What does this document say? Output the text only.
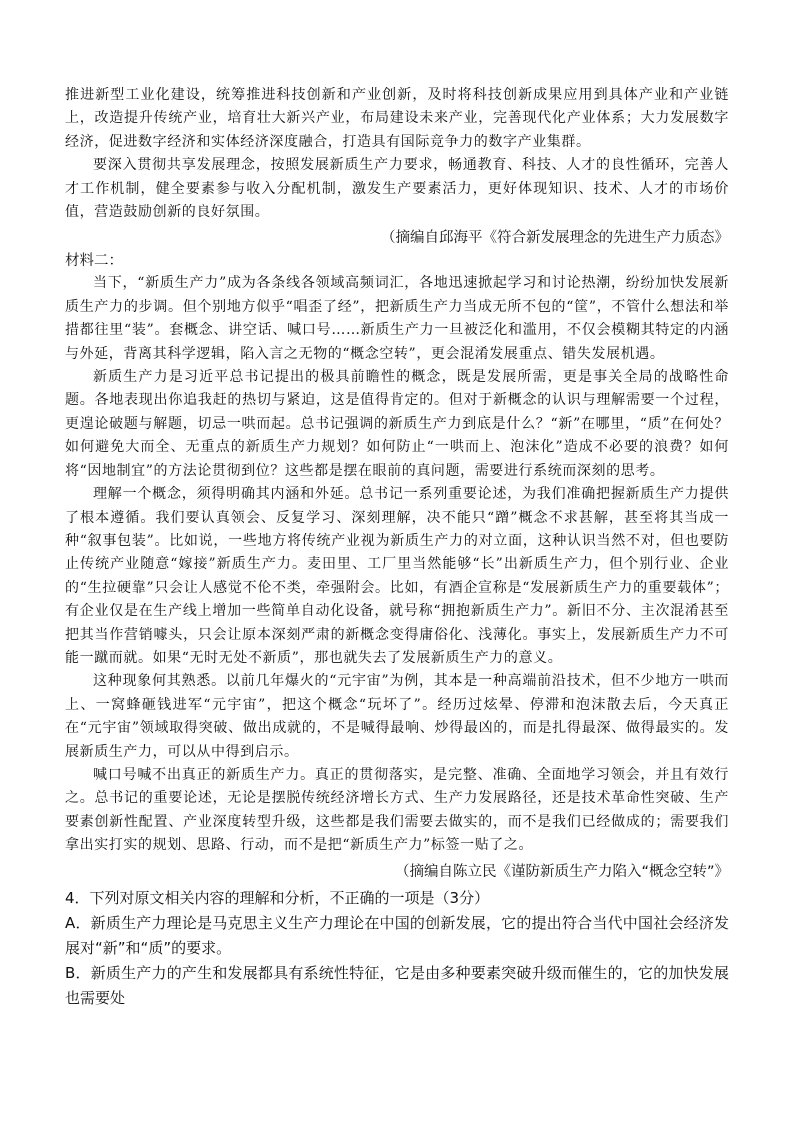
推进新型工业化建设，统筹推进科技创新和产业创新，及时将科技创新成果应用到具体产业和产业链上，改造提升传统产业，培育壮大新兴产业，布局建设未来产业，完善现代化产业体系；大力发展数字经济，促进数字经济和实体经济深度融合，打造具有国际竞争力的数字产业集群。

要深入贯彻共享发展理念，按照发展新质生产力要求，畅通教育、科技、人才的良性循环，完善人才工作机制，健全要素参与收入分配机制，激发生产要素活力，更好体现知识、技术、人才的市场价值，营造鼓励创新的良好氛围。

（摘编自邱海平《符合新发展理念的先进生产力质态》

材料二：

当下，“新质生产力”成为各条线各领域高频词汇，各地迅速掀起学习和讨论热潮，纷纷加快发展新质生产力的步调。但个别地方似乎“唱歪了经”，把新质生产力当成无所不包的“筐”，不管什么想法和举措都往里“装”。套概念、讲空话、喊口号……新质生产力一旦被泛化和滥用，不仅会模糊其特定的内涵与外延，背离其科学逻辑，陷入言之无物的“概念空转”，更会混淆发展重点、错失发展机遇。

新质生产力是习近平总书记提出的极具前瞻性的概念，既是发展所需，更是事关全局的战略性命题。各地表现出你追我赶的热切与紧迫，这是值得肯定的。但对于新概念的认识与理解需要一个过程，更遑论破题与解题，切忌一哄而起。总书记强调的新质生产力到底是什么？“新”在哪里，“质”在何处？如何避免大而全、无重点的新质生产力规划？如何防止“一哄而上、泡沫化”造成不必要的浪费？如何将“因地制宜”的方法论贯彻到位？这些都是摆在眼前的真问题，需要进行系统而深刻的思考。

理解一个概念，须得明确其内涵和外延。总书记一系列重要论述，为我们准确把握新质生产力提供了根本遵循。我们要认真领会、反复学习、深刻理解，决不能只“蹭”概念不求甚解，甚至将其当成一种“叙事包装”。比如说，一些地方将传统产业视为新质生产力的对立面，这种认识当然不对，但也要防止传统产业随意“嫁接”新质生产力。麦田里、工厂里当然能够“长”出新质生产力，但个别行业、企业的“生拉硬靠”只会让人感觉不伦不类，牵强附会。比如，有酒企宣称是“发展新质生产力的重要载体”；有企业仅是在生产线上增加一些简单自动化设备，就号称“拥抱新质生产力”。新旧不分、主次混淆甚至把其当作营销噱头，只会让原本深刻严肃的新概念变得庸俗化、浅薄化。事实上，发展新质生产力不可能一蹴而就。如果“无时无处不新质”，那也就失去了发展新质生产力的意义。

这种现象何其熟悉。以前几年爆火的“元宇宙”为例，其本是一种高端前沿技术，但不少地方一哄而上、一窝蜂砸钱进军“元宇宙”，把这个概念“玩坏了”。经历过炫晕、停滞和泡沫散去后，今天真正在“元宇宙”领域取得突破、做出成就的，不是喊得最响、炒得最凶的，而是扎得最深、做得最实的。发展新质生产力，可以从中得到启示。

喊口号喊不出真正的新质生产力。真正的贯彻落实，是完整、准确、全面地学习领会，并且有效行之。总书记的重要论述，无论是摆脱传统经济增长方式、生产力发展路径，还是技术革命性突破、生产要素创新性配置、产业深度转型升级，这些都是我们需要去做实的，而不是我们已经做成的；需要我们拿出实打实的规划、思路、行动，而不是把“新质生产力”标签一贴了之。

（摘编自陈立民《谨防新质生产力陷入“概念空转”》

4．下列对原文相关内容的理解和分析，不正确的一项是（3分）

A．新质生产力理论是马克思主义生产力理论在中国的创新发展，它的提出符合当代中国社会经济发展对“新”和“质”的要求。

B．新质生产力的产生和发展都具有系统性特征，它是由多种要素突破升级而催生的，它的加快发展也需要处
